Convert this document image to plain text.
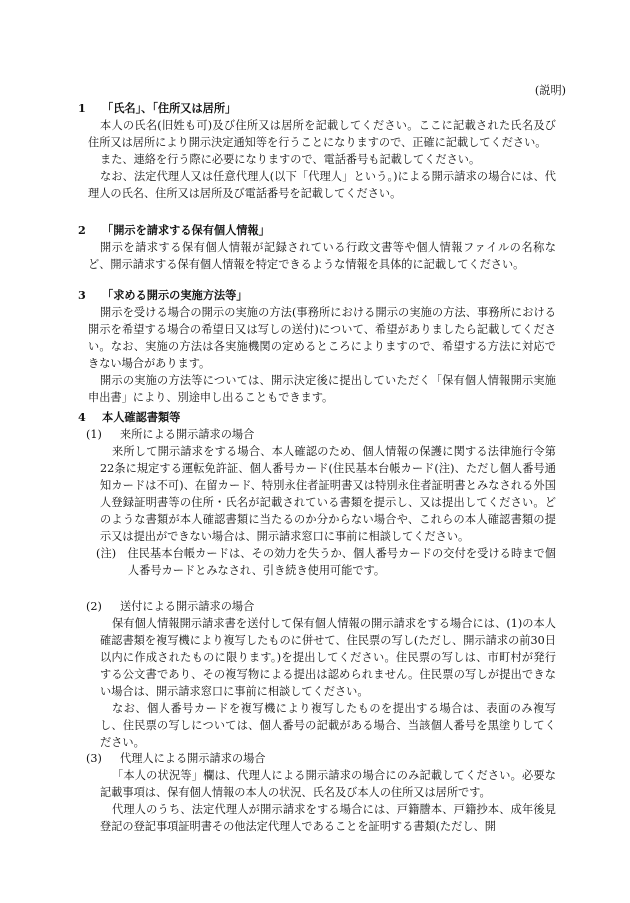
(説明)
1 「氏名」、「住所又は居所」

本人の氏名(旧姓も可)及び住所又は居所を記載してください。ここに記載された氏名及び住所又は居所により開示決定通知等を行うことになりますので、正確に記載してください。

また、連絡を行う際に必要になりますので、電話番号も記載してください。

なお、法定代理人又は任意代理人(以下「代理人」という。)による開示請求の場合には、代理人の氏名、住所又は居所及び電話番号を記載してください。

2 「開示を請求する保有個人情報」

開示を請求する保有個人情報が記録されている行政文書等や個人情報ファイルの名称など、開示請求する保有個人情報を特定できるような情報を具体的に記載してください。

3 「求める開示の実施方法等」

開示を受ける場合の開示の実施の方法(事務所における開示の実施の方法、事務所における開示を希望する場合の希望日又は写しの送付)について、希望がありましたら記載してください。なお、実施の方法は各実施機関の定めるところによりますので、希望する方法に対応できない場合があります。

開示の実施の方法等については、開示決定後に提出していただく「保有個人情報開示実施申出書」により、別途申し出ることもできます。

4 本人確認書類等
(1) 来所による開示請求の場合

来所して開示請求をする場合、本人確認のため、個人情報の保護に関する法律施行令第22条に規定する運転免許証、個人番号カード(住民基本台帳カード(注)、ただし個人番号通知カードは不可)、在留カード、特別永住者証明書又は特別永住者証明書とみなされる外国人登録証明書等の住所・氏名が記載されている書類を提示し、又は提出してください。どのような書類が本人確認書類に当たるのか分からない場合や、これらの本人確認書類の提示又は提出ができない場合は、開示請求窓口に事前に相談してください。

(注)　 住民基本台帳カードは、その効力を失うか、個人番号カードの交付を受ける時まで個人番号カードとみなされ、引き続き使用可能です。

(2) 送付による開示請求の場合

保有個人情報開示請求書を送付して保有個人情報の開示請求をする場合には、(1)の本人確認書類を複写機により複写したものに併せて、住民票の写し(ただし、開示請求の前30日以内に作成されたものに限ります。)を提出してください。住民票の写しは、市町村が発行する公文書であり、その複写物による提出は認められません。住民票の写しが提出できない場合は、開示請求窓口に事前に相談してください。

なお、個人番号カードを複写機により複写したものを提出する場合は、表面のみ複写し、住民票の写しについては、個人番号の記載がある場合、当該個人番号を黒塗りしてください。

(3) 代理人による開示請求の場合

「本人の状況等」欄は、代理人による開示請求の場合にのみ記載してください。必要な記載事項は、保有個人情報の本人の状況、氏名及び本人の住所又は居所です。

代理人のうち、法定代理人が開示請求をする場合には、戸籍謄本、戸籍抄本、成年後見登記の登記事項証明書その他法定代理人であることを証明する書類(ただし、開
